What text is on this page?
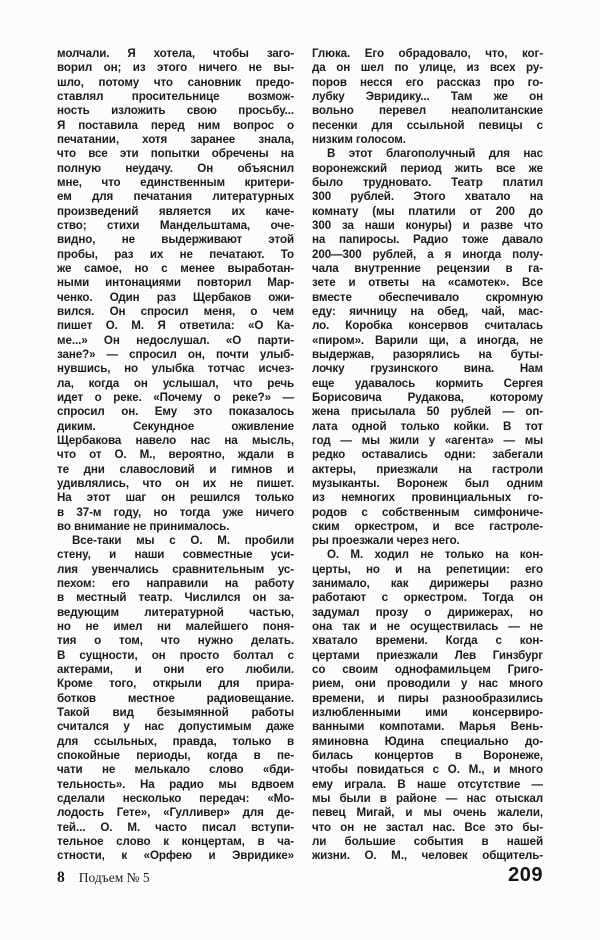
молчали. Я хотела, чтобы заго-
ворил он; из этого ничего не вы-
шло, потому что сановник предо-
ставлял просительнице возмож-
ность изложить свою просьбу...
Я поставила перед ним вопрос о
печатании, хотя заранее знала,
что все эти попытки обречены на
полную неудачу. Он объяснил
мне, что единственным критери-
ем для печатания литературных
произведений является их каче-
ство; стихи Мандельштама, оче-
видно, не выдерживают этой
пробы, раз их не печатают. То
же самое, но с менее выработан-
ными интонациями повторил Мар-
ченко. Один раз Щербаков ожи-
вился. Он спросил меня, о чем
пишет О. М. Я ответила: «О Ка-
ме...» Он недослушал. «О парти-
зане?» — спросил он, почти улыб-
нувшись, но улыбка тотчас исчез-
ла, когда он услышал, что речь
идет о реке. «Почему о реке?» —
спросил он. Ему это показалось
диким. Секундное оживление
Щербакова навело нас на мысль,
что от О. М., вероятно, ждали в
те дни славословий и гимнов и
удивлялись, что он их не пишет.
На этот шаг он решился только
в 37-м году, но тогда уже ничего
во внимание не принималось.
Все-таки мы с О. М. пробили
стену, и наши совместные уси-
лия увенчались сравнительным ус-
пехом: его направили на работу
в местный театр. Числился он за-
ведующим литературной частью,
но не имел ни малейшего поня-
тия о том, что нужно делать.
В сущности, он просто болтал с
актерами, и они его любили.
Кроме того, открыли для прира-
ботков местное радиовещание.
Такой вид безымянной работы
считался у нас допустимым даже
для ссыльных, правда, только в
спокойные периоды, когда в пе-
чати не мелькало слово «бди-
тельность». На радио мы вдвоем
сделали несколько передач: «Мо-
лодость Гете», «Гулливер» для де-
тей... О. М. часто писал вступи-
тельное слово к концертам, в ча-
стности, к «Орфею и Эвридике»
Глюка. Его обрадовало, что, ког-
да он шел по улице, из всех ру-
поров несся его рассказ про го-
лубку Эвридику... Там же он
вольно перевел неаполитанские
песенки для ссыльной певицы с
низким голосом.
В этот благополучный для нас
воронежский период жить все же
было трудновато. Театр платил
300 рублей. Этого хватало на
комнату (мы платили от 200 до
300 за наши конуры) и разве что
на папиросы. Радио тоже давало
200—300 рублей, а я иногда полу-
чала внутренние рецензии в га-
зете и ответы на «самотек». Все
вместе обеспечивало скромную
еду: яичницу на обед, чай, мас-
ло. Коробка консервов считалась
«пиром». Варили щи, а иногда, не
выдержав, разорялись на буты-
лочку грузинского вина. Нам
еще удавалось кормить Сергея
Борисовича Рудакова, которому
жена присылала 50 рублей — оп-
лата одной только койки. В тот
год — мы жили у «агента» — мы
редко оставались одни: забегали
актеры, приезжали на гастроли
музыканты. Воронеж был одним
из немногих провинциальных го-
родов с собственным симфониче-
ским оркестром, и все гастроле-
ры проезжали через него.
О. М. ходил не только на кон-
церты, но и на репетиции: его
занимало, как дирижеры разно
работают с оркестром. Тогда он
задумал прозу о дирижерах, но
она так и не осуществилась — не
хватало времени. Когда с кон-
цертами приезжали Лев Гинзбург
со своим однофамильцем Григо-
рием, они проводили у нас много
времени, и пиры разнообразились
излюбленными ими консервиро-
ванными компотами. Марья Вень-
яминовна Юдина специально до-
билась концертов в Воронеже,
чтобы повидаться с О. М., и много
ему играла. В наше отсутствие —
мы были в районе — нас отыскал
певец Мигай, и мы очень жалели,
что он не застал нас. Все это бы-
ли большие события в нашей
жизни. О. М., человек общитель-
8 Подъем № 5	209
